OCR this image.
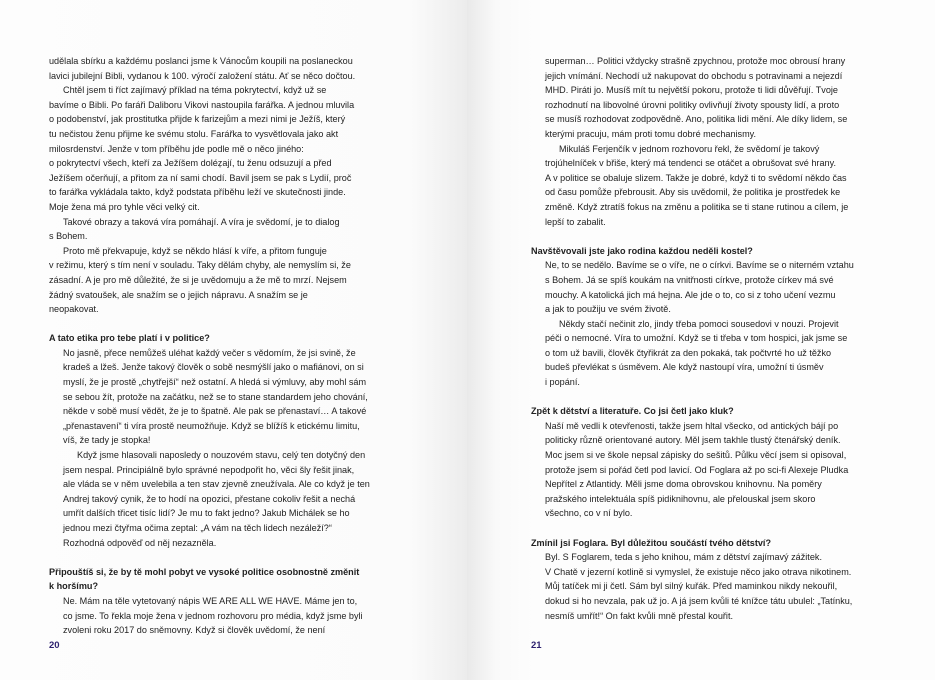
udělala sbírku a každému poslanci jsme k Vánocům koupili na poslaneckou

lavici jubilejní Bibli, vydanou k 100. výročí založení státu. Ať se něco dočtou.

Chtěl jsem ti říct zajímavý příklad na téma pokrytectví, když už se

bavíme o Bibli. Po faráři Daliboru Vikovi nastoupila farářka. A jednou mluvila

o podobenství, jak prostitutka přijde k farizejům a mezi nimi je Ježíš, který

tu nečistou ženu přijme ke svému stolu. Farářka to vysvětlovala jako akt

milosrdenství. Jenže v tom příběhu jde podle mě o něco jiného:

o pokrytectví všech, kteří za Ježíšem doléz̦ají, tu ženu odsuzují a před

Ježíšem očerňují, a přitom za ní sami chodí. Bavil jsem se pak s Lydií, proč

to farářka vykládala takto, když podstata příběhu leží ve skutečnosti jinde.

Moje žena má pro tyhle věci velký cit.

Takové obrazy a taková víra pomáhají. A víra je svědomí, je to dialog

s Bohem.

Proto mě překvapuje, když se někdo hlásí k víře, a přitom funguje

v režimu, který s tím není v souladu. Taky dělám chyby, ale nemyslím si, že

zásadní. A je pro mě důležité, že si je uvědomuju a že mě to mrzí. Nejsem

žádný svatoušek, ale snažím se o jejich nápravu. A snažím se je

neopakovat.

A tato etika pro tebe platí i v politice?

No jasně, přece nemůžeš uléhat každý večer s vědomím, že jsi svině, že

kradeš a lžeš. Jenže takový člověk o sobě nesmýšlí jako o mafiánovi, on si

myslí, že je prostě „chytřejší“ než ostatní. A hledá si výmluvy, aby mohl sám

se sebou žít, protože na začátku, než se to stane standardem jeho chování,

někde v sobě musí vědět, že je to špatně. Ale pak se přenastaví… A takové

„přenastavení“ ti víra prostě neumožňuje. Když se blížíš k etickému limitu,

víš, že tady je stopka!

Když jsme hlasovali naposledy o nouzovém stavu, celý ten dotyčný den

jsem nespal. Principiálně bylo správné nepodpořit ho, věci šly řešit jinak,

ale vláda se v něm uvelebila a ten stav zjevně zneužívala. Ale co když je ten

Andrej takový cynik, že to hodí na opozici, přestane cokoliv řešit a nechá

umřít dalších třicet tisíc lidí? Je mu to fakt jedno? Jakub Michálek se ho

jednou mezi čtyřma očima zeptal: „A vám na těch lidech nezáleží?“

Rozhodná odpověď od něj nezazněla.

Připouštíš si, že by tě mohl pobyt ve vysoké politice osobnostně změnit
k horšímu?

Ne. Mám na těle vytetovaný nápis WE ARE ALL WE HAVE. Máme jen to,

co jsme. To řekla moje žena v jednom rozhovoru pro média, když jsme byli

zvoleni roku 2017 do sněmovny. Když si člověk uvědomí, že není

20

superman… Politici vždycky strašně zpychnou, protože moc obrousí hrany

jejich vnímání. Nechodí už nakupovat do obchodu s potravinami a nejezdí

MHD. Piráti jo. Musíš mít tu největší pokoru, protože ti lidi důvěřují. Tvoje

rozhodnutí na libovolné úrovni politiky ovlivňují životy spousty lidí, a proto

se musíš rozhodovat zodpovědně. Ano, politika lidi mění. Ale díky lidem, se

kterými pracuju, mám proti tomu dobré mechanismy.

Mikuláš Ferjenčík v jednom rozhovoru řekl, že svědomí je takový

trojúhelníček v břiše, který má tendenci se otáčet a obrušovat své hrany.

A v politice se obaluje slizem. Takže je dobré, když ti to svědomí někdo čas

od času pomůže přebrousit. Aby sis uvědomil, že politika je prostředek ke

změně. Když ztratíš fokus na změnu a politika se ti stane rutinou a cílem, je

lepší to zabalit.

Navštěvovali jste jako rodina každou neděli kostel?

Ne, to se nedělo. Bavíme se o víře, ne o církvi. Bavíme se o niterném vztahu

s Bohem. Já se spíš koukám na vnitřnosti církve, protože církev má své

mouchy. A katolická jich má hejna. Ale jde o to, co si z toho učení vezmu

a jak to použiju ve svém životě.

Někdy stačí nečinit zlo, jindy třeba pomoci sousedovi v nouzi. Projevit

péči o nemocné. Víra to umožní. Když se ti třeba v tom hospici, jak jsme se

o tom už bavili, člověk čtyřikrát za den pokaká, tak počtvrté ho už těžko

budeš převlékat s úsměvem. Ale když nastoupí víra, umožní ti úsměv

i popání.

Zpět k dětství a literatuře. Co jsi četl jako kluk?

Naší mě vedli k otevřenosti, takže jsem hltal všecko, od antických bájí po

politicky různě orientované autory. Měl jsem takhle tlustý čtenářský deník.

Moc jsem si ve škole nepsal zápisky do sešitů. Půlku věcí jsem si opisoval,

protože jsem si pořád četl pod lavicí. Od Foglara až po sci-fi Alexeje Pludka

Nepřítel z Atlantidy. Měli jsme doma obrovskou knihovnu. Na poměry

pražského intelektuála spíš pidiknihovnu, ale přelouskal jsem skoro

všechno, co v ní bylo.

Zmínil jsi Foglara. Byl důležitou součástí tvého dětství?

Byl. S Foglarem, teda s jeho knihou, mám z dětství zajímavý zážitek.

V Chatě v jezerní kotlině si vymyslel, že existuje něco jako otrava nikotinem.

Můj tatíček mi ji četl. Sám byl silný kuřák. Před maminkou nikdy nekouřil,

dokud si ho nevzala, pak už jo. A já jsem kvůli té knížce tátu ubulel: „Tatínku,

nesmíš umřít!“ On fakt kvůli mně přestal kouřit.

21
